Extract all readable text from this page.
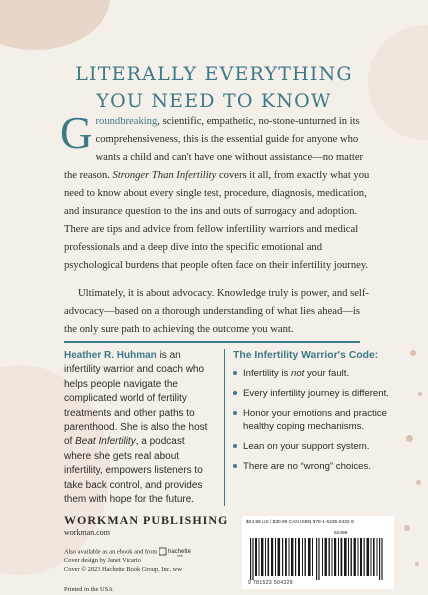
LITERALLY EVERYTHING
YOU NEED TO KNOW

Groundbreaking, scientific, empathetic, no-stone-unturned in its comprehensiveness, this is the essential guide for anyone who wants a child and can't have one without assistance—no matter the reason. Stronger Than Infertility covers it all, from exactly what you need to know about every single test, procedure, diagnosis, medication, and insurance question to the ins and outs of surrogacy and adoption. There are tips and advice from fellow infertility warriors and medical professionals and a deep dive into the specific emotional and psychological burdens that people often face on their infertility journey.

Ultimately, it is about advocacy. Knowledge truly is power, and self-advocacy—based on a thorough understanding of what lies ahead—is the only sure path to achieving the outcome you want.

Heather R. Huhman is an infertility warrior and coach who helps people navigate the complicated world of fertility treatments and other paths to parenthood. She is also the host of Beat Infertility, a podcast where she gets real about infertility, empowers listeners to take back control, and provides them with hope for the future.
The Infertility Warrior's Code:
Infertility is not your fault.
Every infertility journey is different.
Honor your emotions and practice healthy coping mechanisms.
Lean on your support system.
There are no “wrong” choices.
WORKMAN PUBLISHING
workman.com
Also available as an ebook and from hachette
audio
Cover design by Janet Vicario
Cover © 2023 Hachette Book Group, Inc. ww
Printed in the USA
$24.99 US / $30.99 CAN ISBN 978-1-5235-0432-9
52499
9 781523 504329
